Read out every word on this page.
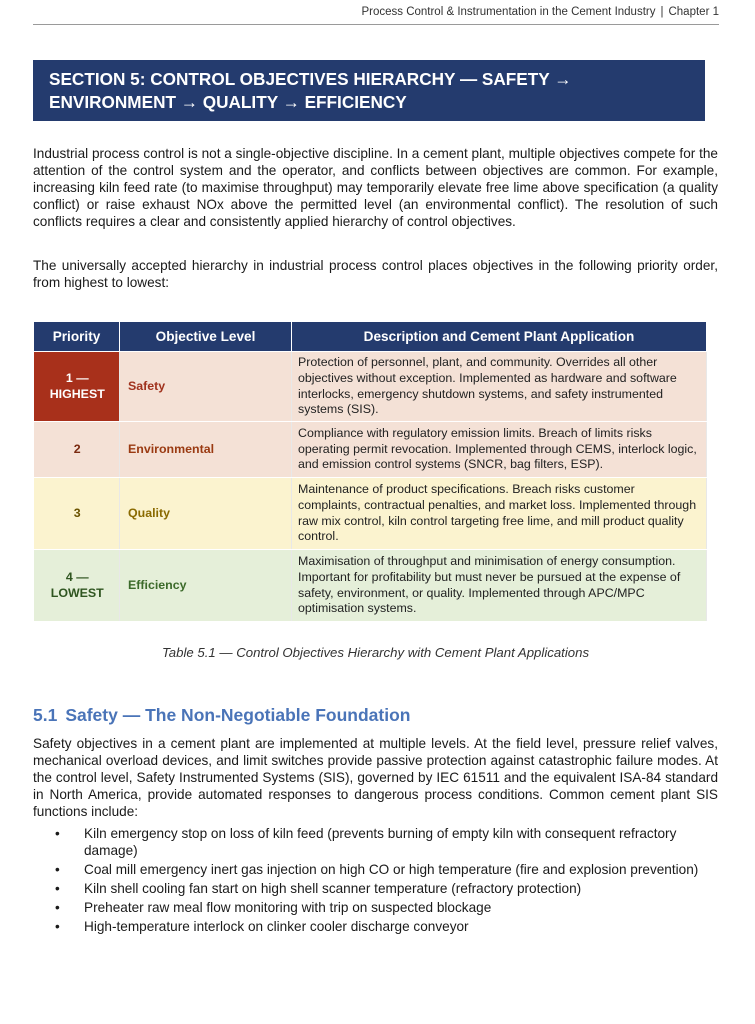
Process Control & Instrumentation in the Cement Industry | Chapter 1
SECTION 5: CONTROL OBJECTIVES HIERARCHY — SAFETY →
ENVIRONMENT → QUALITY → EFFICIENCY

Industrial process control is not a single-objective discipline. In a cement plant, multiple objectives compete for the attention of the control system and the operator, and conflicts between objectives are common. For example, increasing kiln feed rate (to maximise throughput) may temporarily elevate free lime above specification (a quality conflict) or raise exhaust NOx above the permitted level (an environmental conflict). The resolution of such conflicts requires a clear and consistently applied hierarchy of control objectives.

The universally accepted hierarchy in industrial process control places objectives in the following priority order, from highest to lowest:

Priority	Objective Level	Description and Cement Plant Application

1 —
HIGHEST	Safety	Protection of personnel, plant, and community. Overrides all other objectives without exception. Implemented as hardware and software interlocks, emergency shutdown systems, and safety instrumented systems (SIS).

2	Environmental	Compliance with regulatory emission limits. Breach of limits risks operating permit revocation. Implemented through CEMS, interlock logic, and emission control systems (SNCR, bag filters, ESP).

3	Quality	Maintenance of product specifications. Breach risks customer complaints, contractual penalties, and market loss. Implemented through raw mix control, kiln control targeting free lime, and mill product quality control.

4 —
LOWEST	Efficiency	Maximisation of throughput and minimisation of energy consumption. Important for profitability but must never be pursued at the expense of safety, environment, or quality. Implemented through APC/MPC optimisation systems.
Table 5.1 — Control Objectives Hierarchy with Cement Plant Applications
5.1 Safety — The Non-Negotiable Foundation

Safety objectives in a cement plant are implemented at multiple levels. At the field level, pressure relief valves, mechanical overload devices, and limit switches provide passive protection against catastrophic failure modes. At the control level, Safety Instrumented Systems (SIS), governed by IEC 61511 and the equivalent ISA-84 standard in North America, provide automated responses to dangerous process conditions. Common cement plant SIS functions include:

• Kiln emergency stop on loss of kiln feed (prevents burning of empty kiln with consequent refractory damage)
• Coal mill emergency inert gas injection on high CO or high temperature (fire and explosion prevention)
• Kiln shell cooling fan start on high shell scanner temperature (refractory protection)
• Preheater raw meal flow monitoring with trip on suspected blockage
• High-temperature interlock on clinker cooler discharge conveyor
